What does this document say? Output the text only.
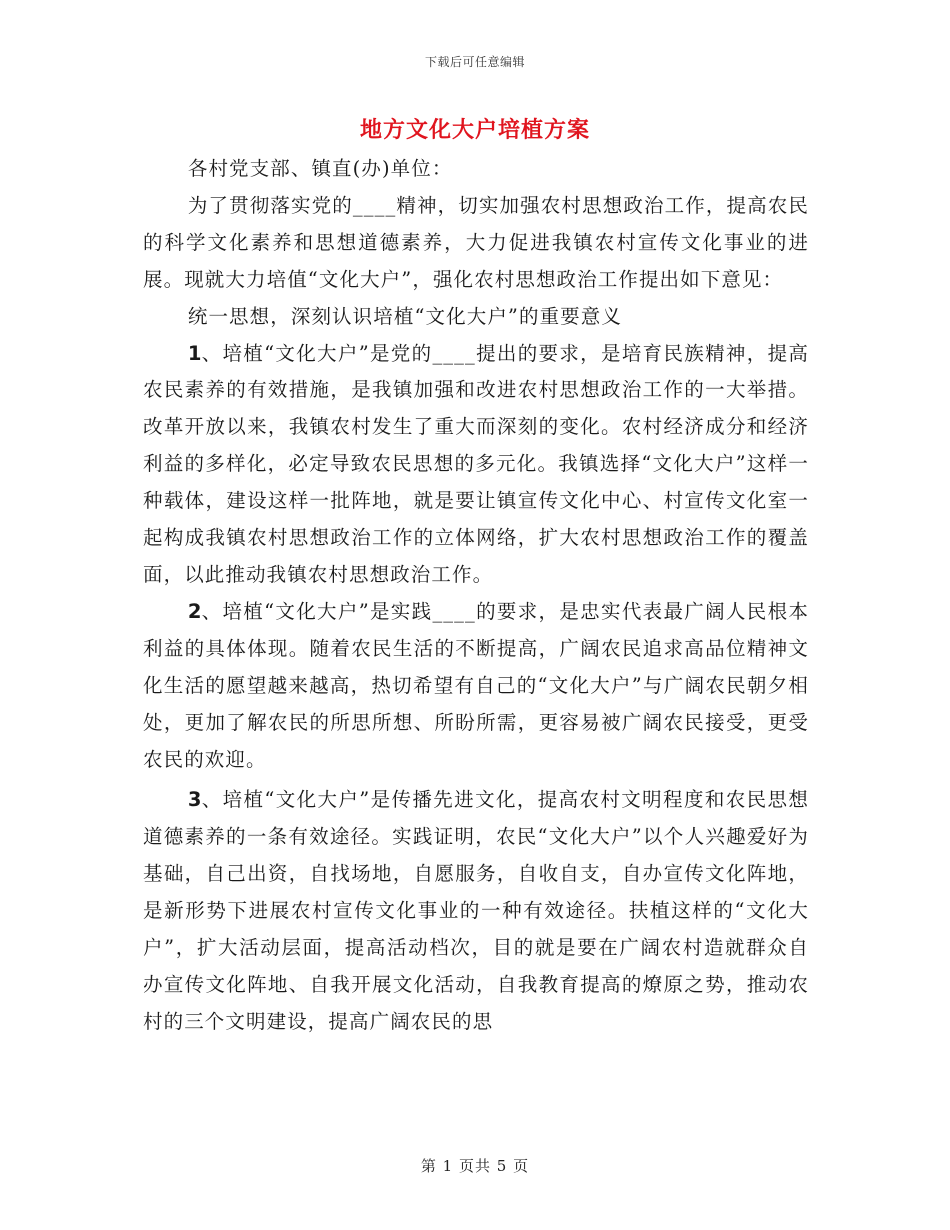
下载后可任意编辑
地方文化大户培植方案

各村党支部、镇直(办)单位：

为了贯彻落实党的____精神，切实加强农村思想政治工作，提高农民的科学文化素养和思想道德素养，大力促进我镇农村宣传文化事业的进展。现就大力培值“文化大户”，强化农村思想政治工作提出如下意见：

统一思想，深刻认识培植“文化大户”的重要意义

1、培植“文化大户”是党的____提出的要求，是培育民族精神，提高农民素养的有效措施，是我镇加强和改进农村思想政治工作的一大举措。改革开放以来，我镇农村发生了重大而深刻的变化。农村经济成分和经济利益的多样化，必定导致农民思想的多元化。我镇选择“文化大户”这样一种载体，建设这样一批阵地，就是要让镇宣传文化中心、村宣传文化室一起构成我镇农村思想政治工作的立体网络，扩大农村思想政治工作的覆盖面，以此推动我镇农村思想政治工作。

2、培植“文化大户”是实践____的要求，是忠实代表最广阔人民根本利益的具体体现。随着农民生活的不断提高，广阔农民追求高品位精神文化生活的愿望越来越高，热切希望有自己的“文化大户”与广阔农民朝夕相处，更加了解农民的所思所想、所盼所需，更容易被广阔农民接受，更受农民的欢迎。

3、培植“文化大户”是传播先进文化，提高农村文明程度和农民思想道德素养的一条有效途径。实践证明，农民“文化大户”以个人兴趣爱好为基础，自己出资，自找场地，自愿服务，自收自支，自办宣传文化阵地，是新形势下进展农村宣传文化事业的一种有效途径。扶植这样的“文化大户”，扩大活动层面，提高活动档次，目的就是要在广阔农村造就群众自办宣传文化阵地、自我开展文化活动，自我教育提高的燎原之势，推动农村的三个文明建设，提高广阔农民的思

第 1 页共 5 页
